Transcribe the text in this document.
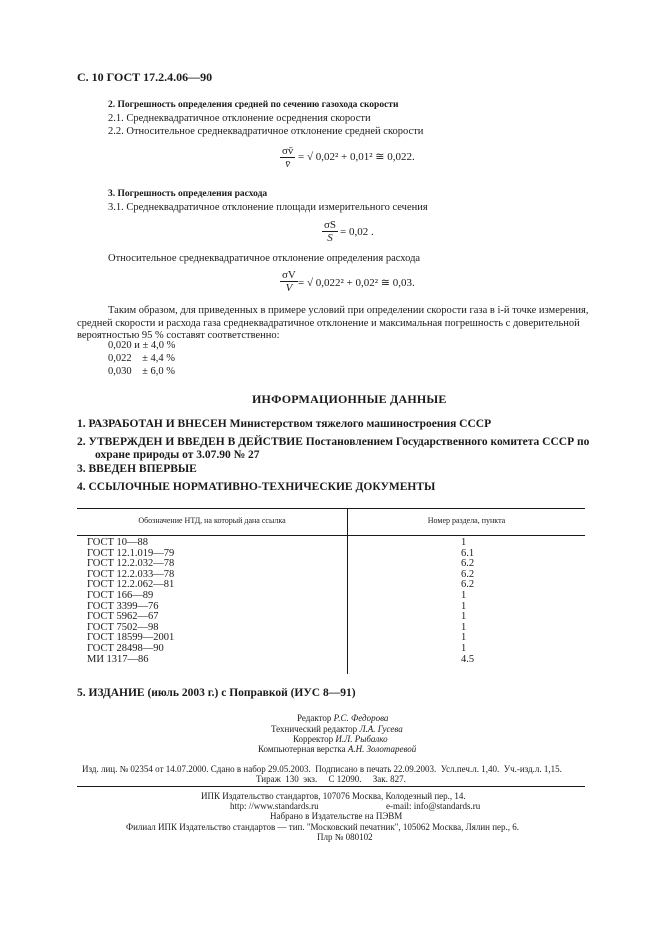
С. 10 ГОСТ 17.2.4.06—90
2. Погрешность определения средней по сечению газохода скорости
2.1. Среднеквадратичное отклонение осреднения скорости
2.2. Относительное среднеквадратичное отклонение средней скорости
$\frac{\sigma v̄}{v̄}$ = √ 0,02² + 0,01² ≅ 0,022.
3. Погрешность определения расхода
3.1. Среднеквадратичное отклонение площади измерительного сечения
$\frac{\sigma S}{S} = 0,02$ .
Относительное среднеквадратичное отклонение определения расхода
$\frac{\sigma V}{V}$ = √ 0,022² + 0,02² ≅ 0,03.
Таким образом, для приведенных в примере условий при определении скорости газа в i-й точке измерения,
средней скорости и расхода газа среднеквадратичное отклонение и максимальная погрешность с доверительной
вероятностью 95 % составят соответственно:
0,020 и ± 4,0 %
0,022    ± 4,4 %
0,030    ± 6,0 %
ИНФОРМАЦИОННЫЕ ДАННЫЕ
1. РАЗРАБОТАН И ВНЕСЕН Министерством тяжелого машиностроения СССР
2. УТВЕРЖДЕН И ВВЕДЕН В ДЕЙСТВИЕ Постановлением Государственного комитета СССР по
охране природы от 3.07.90 № 27
3. ВВЕДЕН ВПЕРВЫЕ
4. ССЫЛОЧНЫЕ НОРМАТИВНО-ТЕХНИЧЕСКИЕ ДОКУМЕНТЫ
Обозначение НТД, на который дана ссылка	Номер раздела, пункта
ГОСТ 10—88	1
ГОСТ 12.1.019—79	6.1
ГОСТ 12.2.032—78	6.2
ГОСТ 12.2.033—78	6.2
ГОСТ 12.2.062—81	6.2
ГОСТ 166—89	1
ГОСТ 3399—76	1
ГОСТ 5962—67	1
ГОСТ 7502—98	1
ГОСТ 18599—2001	1
ГОСТ 28498—90	1
МИ 1317—86	4.5
5. ИЗДАНИЕ (июль 2003 г.) с Поправкой (ИУС 8—91)
Редактор Р.С. Федорова
Технический редактор Л.А. Гусева
Корректор И.Л. Рыбалко
Компьютерная верстка А.Н. Золотаревой
Изд. лиц. № 02354 от 14.07.2000. Сдано в набор 29.05.2003.  Подписано в печать 22.09.2003.  Усл.печ.л. 1,40.  Уч.-изд.л. 1,15.
Тираж  130  экз.     С 12090.     Зак. 827.
ИПК Издательство стандартов, 107076 Москва, Колодезный пер., 14.
http: //www.standards.ru	e-mail: info@standards.ru
Набрано в Издательстве на ПЭВМ
Филиал ИПК Издательство стандартов — тип. "Московский печатник", 105062 Москва, Лялин пер., 6.
Плр № 080102
